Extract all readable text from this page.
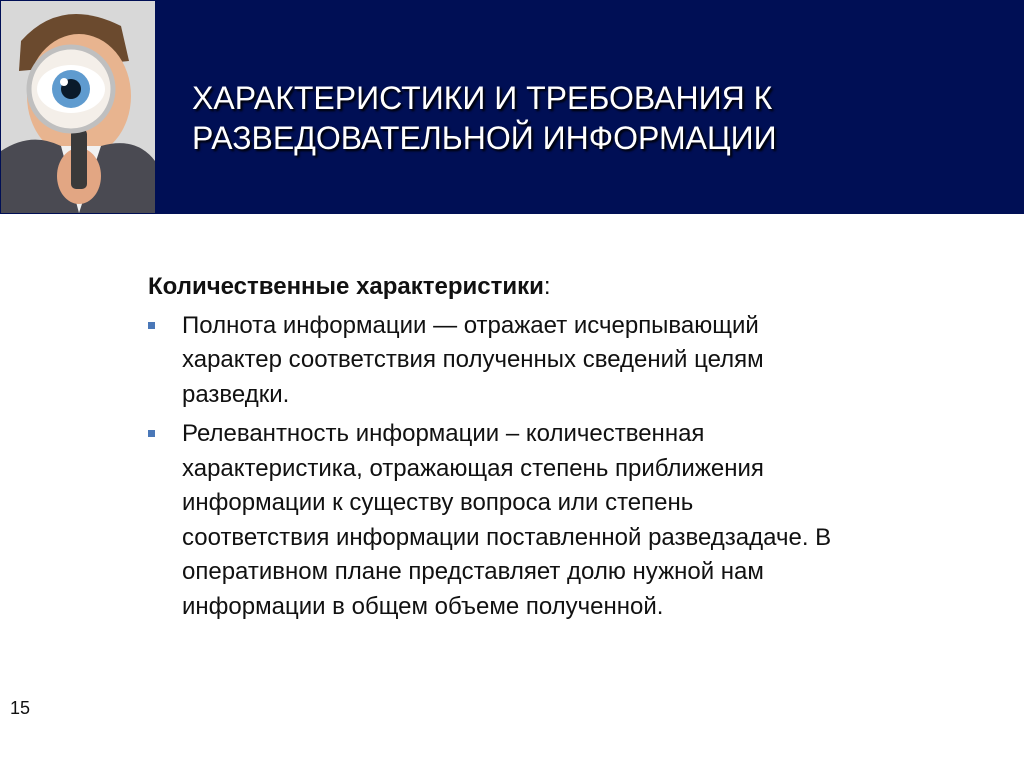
ХАРАКТЕРИСТИКИ И ТРЕБОВАНИЯ К
РАЗВЕДОВАТЕЛЬНОЙ ИНФОРМАЦИИ

Количественные характеристики:

Полнота информации — отражает исчерпывающий
характер соответствия полученных сведений целям
разведки.
Релевантность информации – количественная
характеристика, отражающая степень приближения
информации к существу вопроса или степень
соответствия информации поставленной разведзадаче. В
оперативном плане представляет долю нужной нам
информации в общем объеме полученной.
15
